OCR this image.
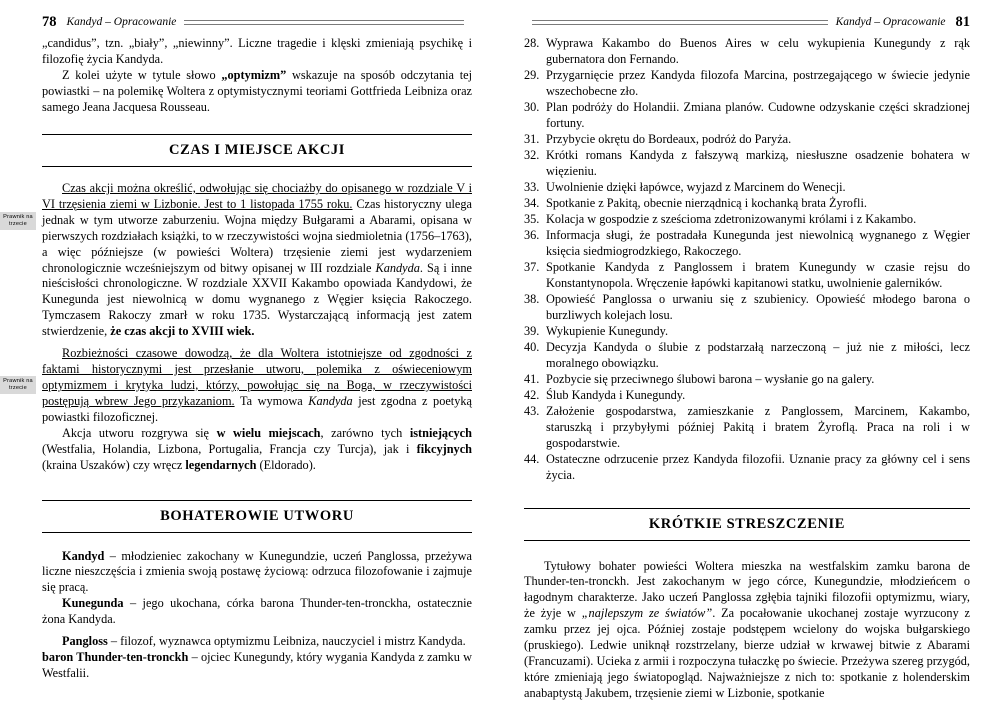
78 Kandyd – Opracowanie

„candidus”, tzn. „biały”, „niewinny”. Liczne tragedie i klęski zmieniają psychikę i filozofię życia Kandyda.

Z kolei użyte w tytule słowo „optymizm” wskazuje na sposób odczytania tej powiastki – na polemikę Woltera z optymistycznymi teoriami Gottfrieda Leibniza oraz samego Jeana Jacquesa Rousseau.

CZAS I MIEJSCE AKCJI

Czas akcji można określić, odwołując się chociażby do opisanego w rozdziale V i VI trzęsienia ziemi w Lizbonie. Jest to 1 listopada 1755 roku. Czas historyczny ulega jednak w tym utworze zaburzeniu. Wojna między Bułgarami a Abarami, opisana w pierwszych rozdziałach książki, to w rzeczywistości wojna siedmioletnia (1756–1763), a więc późniejsze (w powieści Woltera) trzęsienie ziemi jest wydarzeniem chronologicznie wcześniejszym od bitwy opisanej w III rozdziale Kandyda. Są i inne nieścisłości chronologiczne. W rozdziale XXVII Kakambo opowiada Kandydowi, że Kunegunda jest niewolnicą w domu wygnanego z Węgier księcia Rakoczego. Tymczasem Rakoczy zmarł w roku 1735. Wystarczającą informacją jest zatem stwierdzenie, że czas akcji to XVIII wiek.

Rozbieżności czasowe dowodzą, że dla Woltera istotniejsze od zgodności z faktami historycznymi jest przesłanie utworu, polemika z oświeceniowym optymizmem i krytyka ludzi, którzy, powołując się na Boga, w rzeczywistości postępują wbrew Jego przykazaniom. Ta wymowa Kandyda jest zgodna z poetyką powiastki filozoficznej.

Akcja utworu rozgrywa się w wielu miejscach, zarówno tych istniejących (Westfalia, Holandia, Lizbona, Portugalia, Francja czy Turcja), jak i fikcyjnych (kraina Uszaków) czy wręcz legendarnych (Eldorado).

BOHATEROWIE UTWORU

Kandyd – młodzieniec zakochany w Kunegundzie, uczeń Panglossa, przeżywa liczne nieszczęścia i zmienia swoją postawę życiową: odrzuca filozofowanie i zajmuje się pracą.

Kunegunda – jego ukochana, córka barona Thunder-ten-tronckha, ostatecznie żona Kandyda.

Pangloss – filozof, wyznawca optymizmu Leibniza, nauczyciel i mistrz Kandyda.

baron Thunder-ten-tronckh – ojciec Kunegundy, który wygania Kandyda z zamku w Westfalii.

Prawnik na trzecie
Prawnik na trzecie
Kandyd – Opracowanie 81
28. Wyprawa Kakambo do Buenos Aires w celu wykupienia Kunegundy z rąk gubernatora don Fernando.
29. Przygarnięcie przez Kandyda filozofa Marcina, postrzegającego w świecie jedynie wszechobecne zło.
30. Plan podróży do Holandii. Zmiana planów. Cudowne odzyskanie części skradzionej fortuny.
31. Przybycie okrętu do Bordeaux, podróż do Paryża.
32. Krótki romans Kandyda z fałszywą markizą, niesłuszne osadzenie bohatera w więzieniu.
33. Uwolnienie dzięki łapówce, wyjazd z Marcinem do Wenecji.
34. Spotkanie z Pakitą, obecnie nierządnicą i kochanką brata Żyrofli.
35. Kolacja w gospodzie z sześcioma zdetronizowanymi królami i z Kakambo.
36. Informacja sługi, że postradała Kunegunda jest niewolnicą wygnanego z Węgier księcia siedmiogrodzkiego, Rakoczego.
37. Spotkanie Kandyda z Panglossem i bratem Kunegundy w czasie rejsu do Konstantynopola. Wręczenie łapówki kapitanowi statku, uwolnienie galerników.
38. Opowieść Panglossa o urwaniu się z szubienicy. Opowieść młodego barona o burzliwych kolejach losu.
39. Wykupienie Kunegundy.
40. Decyzja Kandyda o ślubie z podstarzałą narzeczoną – już nie z miłości, lecz moralnego obowiązku.
41. Pozbycie się przeciwnego ślubowi barona – wysłanie go na galery.
42. Ślub Kandyda i Kunegundy.
43. Założenie gospodarstwa, zamieszkanie z Panglossem, Marcinem, Kakambo, staruszką i przybyłymi później Pakitą i bratem Żyroflą. Praca na roli i w gospodarstwie.
44. Ostateczne odrzucenie przez Kandyda filozofii. Uznanie pracy za główny cel i sens życia.
KRÓTKIE STRESZCZENIE

Tytułowy bohater powieści Woltera mieszka na westfalskim zamku barona de Thunder-ten-tronckh. Jest zakochanym w jego córce, Kunegundzie, młodzieńcem o łagodnym charakterze. Jako uczeń Panglossa zgłębia tajniki filozofii optymizmu, wiary, że żyje w „najlepszym ze światów”. Za pocałowanie ukochanej zostaje wyrzucony z zamku przez jej ojca. Później zostaje podstępem wcielony do wojska bułgarskiego (pruskiego). Ledwie uniknął rozstrzelany, bierze udział w krwawej bitwie z Abarami (Francuzami). Ucieka z armii i rozpoczyna tułaczkę po świecie. Przeżywa szereg przygód, które zmieniają jego światopogląd. Najważniejsze z nich to: spotkanie z holenderskim anabaptystą Jakubem, trzęsienie ziemi w Lizbonie, spotkanie
